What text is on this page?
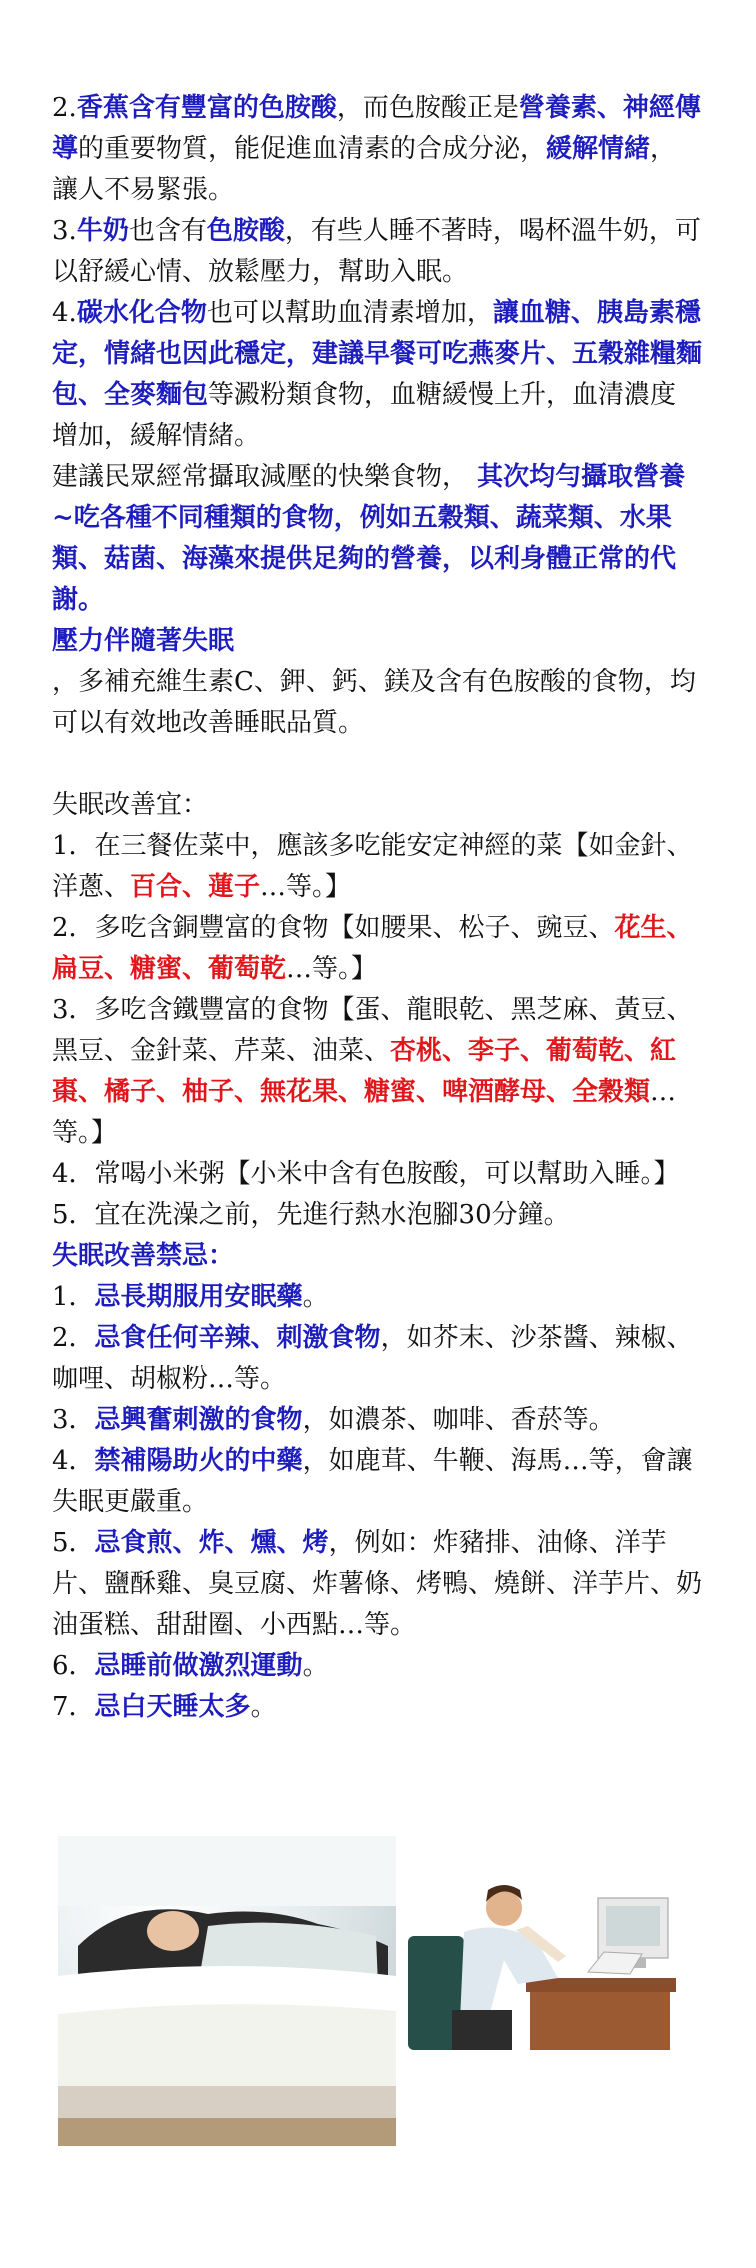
2.香蕉含有豐富的色胺酸，而色胺酸正是營養素、神經傳導的重要物質，能促進血清素的合成分泌，緩解情緒，讓人不易緊張。
3.牛奶也含有色胺酸，有些人睡不著時，喝杯溫牛奶，可以舒緩心情、放鬆壓力，幫助入眠。
4.碳水化合物也可以幫助血清素增加，讓血糖、胰島素穩定，情緒也因此穩定，建議早餐可吃燕麥片、五穀雜糧麵包、全麥麵包等澱粉類食物，血糖緩慢上升，血清濃度增加，緩解情緒。
建議民眾經常攝取減壓的快樂食物， 其次均勻攝取營養~吃各種不同種類的食物，例如五穀類、蔬菜類、水果類、菇菌、海藻來提供足夠的營養，以利身體正常的代謝。
壓力伴隨著失眠
，多補充維生素C、鉀、鈣、鎂及含有色胺酸的食物，均可以有效地改善睡眠品質。
失眠改善宜：
1．在三餐佐菜中，應該多吃能安定神經的菜【如金針、洋蔥、百合、蓮子…等。】
2．多吃含銅豐富的食物【如腰果、松子、豌豆、花生、扁豆、糖蜜、葡萄乾…等。】
3．多吃含鐵豐富的食物【蛋、龍眼乾、黑芝麻、黃豆、黑豆、金針菜、芹菜、油菜、杏桃、李子、葡萄乾、紅棗、橘子、柚子、無花果、糖蜜、啤酒酵母、全穀類…等。】
4．常喝小米粥【小米中含有色胺酸，可以幫助入睡。】
5．宜在洗澡之前，先進行熱水泡腳30分鐘。
失眠改善禁忌：
1．忌長期服用安眠藥。
2．忌食任何辛辣、刺激食物，如芥末、沙茶醬、辣椒、咖哩、胡椒粉…等。
3．忌興奮刺激的食物，如濃茶、咖啡、香菸等。
4．禁補陽助火的中藥，如鹿茸、牛鞭、海馬…等，會讓失眠更嚴重。
5．忌食煎、炸、燻、烤，例如：炸豬排、油條、洋芋片、鹽酥雞、臭豆腐、炸薯條、烤鴨、燒餅、洋芋片、奶油蛋糕、甜甜圈、小西點…等。
6．忌睡前做激烈運動。
7．忌白天睡太多。
